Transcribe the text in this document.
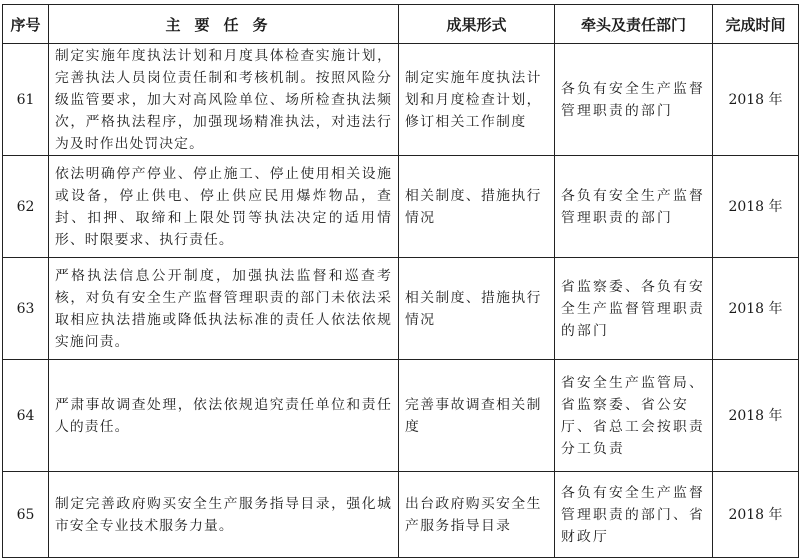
序号	主要任务	成果形式	牵头及责任部门	完成时间
61	制定实施年度执法计划和月度具体检查实施计划，完善执法人员岗位责任制和考核机制。按照风险分级监管要求，加大对高风险单位、场所检查执法频次，严格执法程序，加强现场精准执法，对违法行为及时作出处罚决定。	制定实施年度执法计划和月度检查计划，修订相关工作制度	各负有安全生产监督管理职责的部门	2018 年
62	依法明确停产停业、停止施工、停止使用相关设施或设备，停止供电、停止供应民用爆炸物品，查封、扣押、取缔和上限处罚等执法决定的适用情形、时限要求、执行责任。	相关制度、措施执行情况	各负有安全生产监督管理职责的部门	2018 年
63	严格执法信息公开制度，加强执法监督和巡查考核，对负有安全生产监督管理职责的部门未依法采取相应执法措施或降低执法标准的责任人依法依规实施问责。	相关制度、措施执行情况	省监察委、各负有安全生产监督管理职责的部门	2018 年
64	严肃事故调查处理，依法依规追究责任单位和责任人的责任。	完善事故调查相关制度	省安全生产监管局、省监察委、省公安厅、省总工会按职责分工负责	2018 年
65	制定完善政府购买安全生产服务指导目录，强化城市安全专业技术服务力量。	出台政府购买安全生产服务指导目录	各负有安全生产监督管理职责的部门、省财政厅	2018 年
